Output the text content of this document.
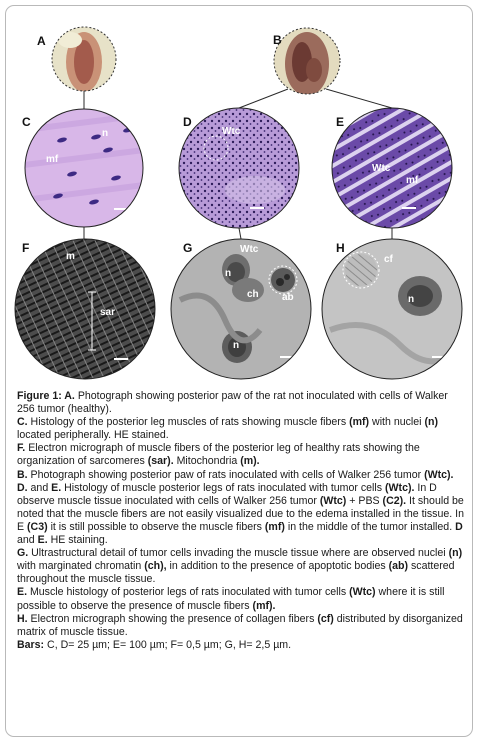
n
mf
Wtc
Wtc
mf
m
sar
Wtc
n
ch ab
n
cf
n
A	B
C	D	E
F	G	H

Figure 1: A. Photograph showing posterior paw of the rat not inoculated with cells of Walker 256 tumor (healthy).

C. Histology of the posterior leg muscles of rats showing muscle fibers (mf) with nuclei (n) located peripherally. HE stained.

F. Electron micrograph of muscle fibers of the posterior leg of healthy rats showing the organization of sarcomeres (sar). Mitochondria (m).

B. Photograph showing posterior paw of rats inoculated with cells of Walker 256 tumor (Wtc).

D. and E. Histology of muscle posterior legs of rats inoculated with tumor cells (Wtc). In D observe muscle tissue inoculated with cells of Walker 256 tumor (Wtc) + PBS (C2). It should be noted that the muscle fibers are not easily visualized due to the edema installed in the tissue. In E (C3) it is still possible to observe the muscle fibers (mf) in the middle of the tumor installed. D and E. HE staining.

G. Ultrastructural detail of tumor cells invading the muscle tissue where are observed nuclei (n) with marginated chromatin (ch), in addition to the presence of apoptotic bodies (ab) scattered throughout the muscle tissue.

E. Muscle histology of posterior legs of rats inoculated with tumor cells (Wtc) where it is still possible to observe the presence of muscle fibers (mf).

H. Electron micrograph showing the presence of collagen fibers (cf) distributed by disorganized matrix of muscle tissue.

Bars: C, D= 25 µm; E= 100 µm; F= 0,5 µm; G, H= 2,5 µm.
